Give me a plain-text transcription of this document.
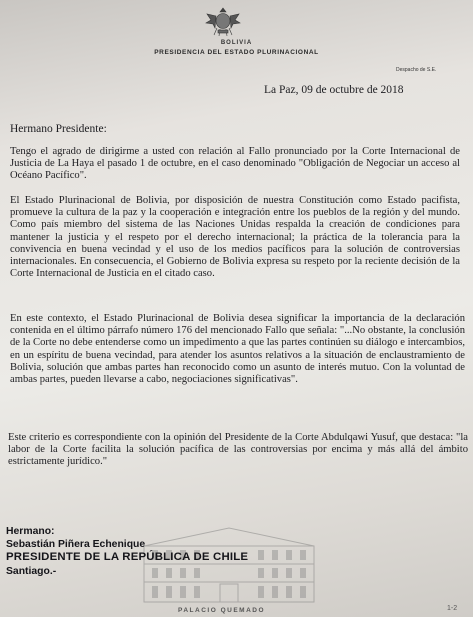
BOLIVIA
PRESIDENCIA DEL ESTADO PLURINACIONAL
Despacho de S.E.
La Paz, 09 de octubre de 2018
Hermano Presidente:

Tengo el agrado de dirigirme a usted con relación al Fallo pronunciado por la Corte Internacional de Justicia de La Haya el pasado 1 de octubre, en el caso denominado "Obligación de Negociar un acceso al Océano Pacífico".

El Estado Plurinacional de Bolivia, por disposición de nuestra Constitución como Estado pacifista, promueve la cultura de la paz y la cooperación e integración entre los pueblos de la región y del mundo. Como país miembro del sistema de las Naciones Unidas respalda la creación de condiciones para mantener la justicia y el respeto por el derecho internacional; la práctica de la tolerancia para la convivencia en buena vecindad y el uso de los medios pacíficos para la solución de controversias internacionales. En consecuencia, el Gobierno de Bolivia expresa su respeto por la reciente decisión de la Corte Internacional de Justicia en el citado caso.

En este contexto, el Estado Plurinacional de Bolivia desea significar la importancia de la declaración contenida en el último párrafo número 176 del mencionado Fallo que señala: "...No obstante, la conclusión de la Corte no debe entenderse como un impedimento a que las partes continúen su diálogo e intercambios, en un espíritu de buena vecindad, para atender los asuntos relativos a la situación de enclaustramiento de Bolivia, solución que ambas partes han reconocido como un asunto de interés mutuo. Con la voluntad de ambas partes, pueden llevarse a cabo, negociaciones significativas".

Este criterio es correspondiente con la opinión del Presidente de la Corte Abdulqawi Yusuf, que destaca: "la labor de la Corte facilita la solución pacífica de las controversias por encima y más allá del ámbito estrictamente jurídico."

Hermano:
Sebastián Piñera Echenique
PRESIDENTE DE LA REPÚBLICA DE CHILE
Santiago.-
PALACIO QUEMADO	1-2
